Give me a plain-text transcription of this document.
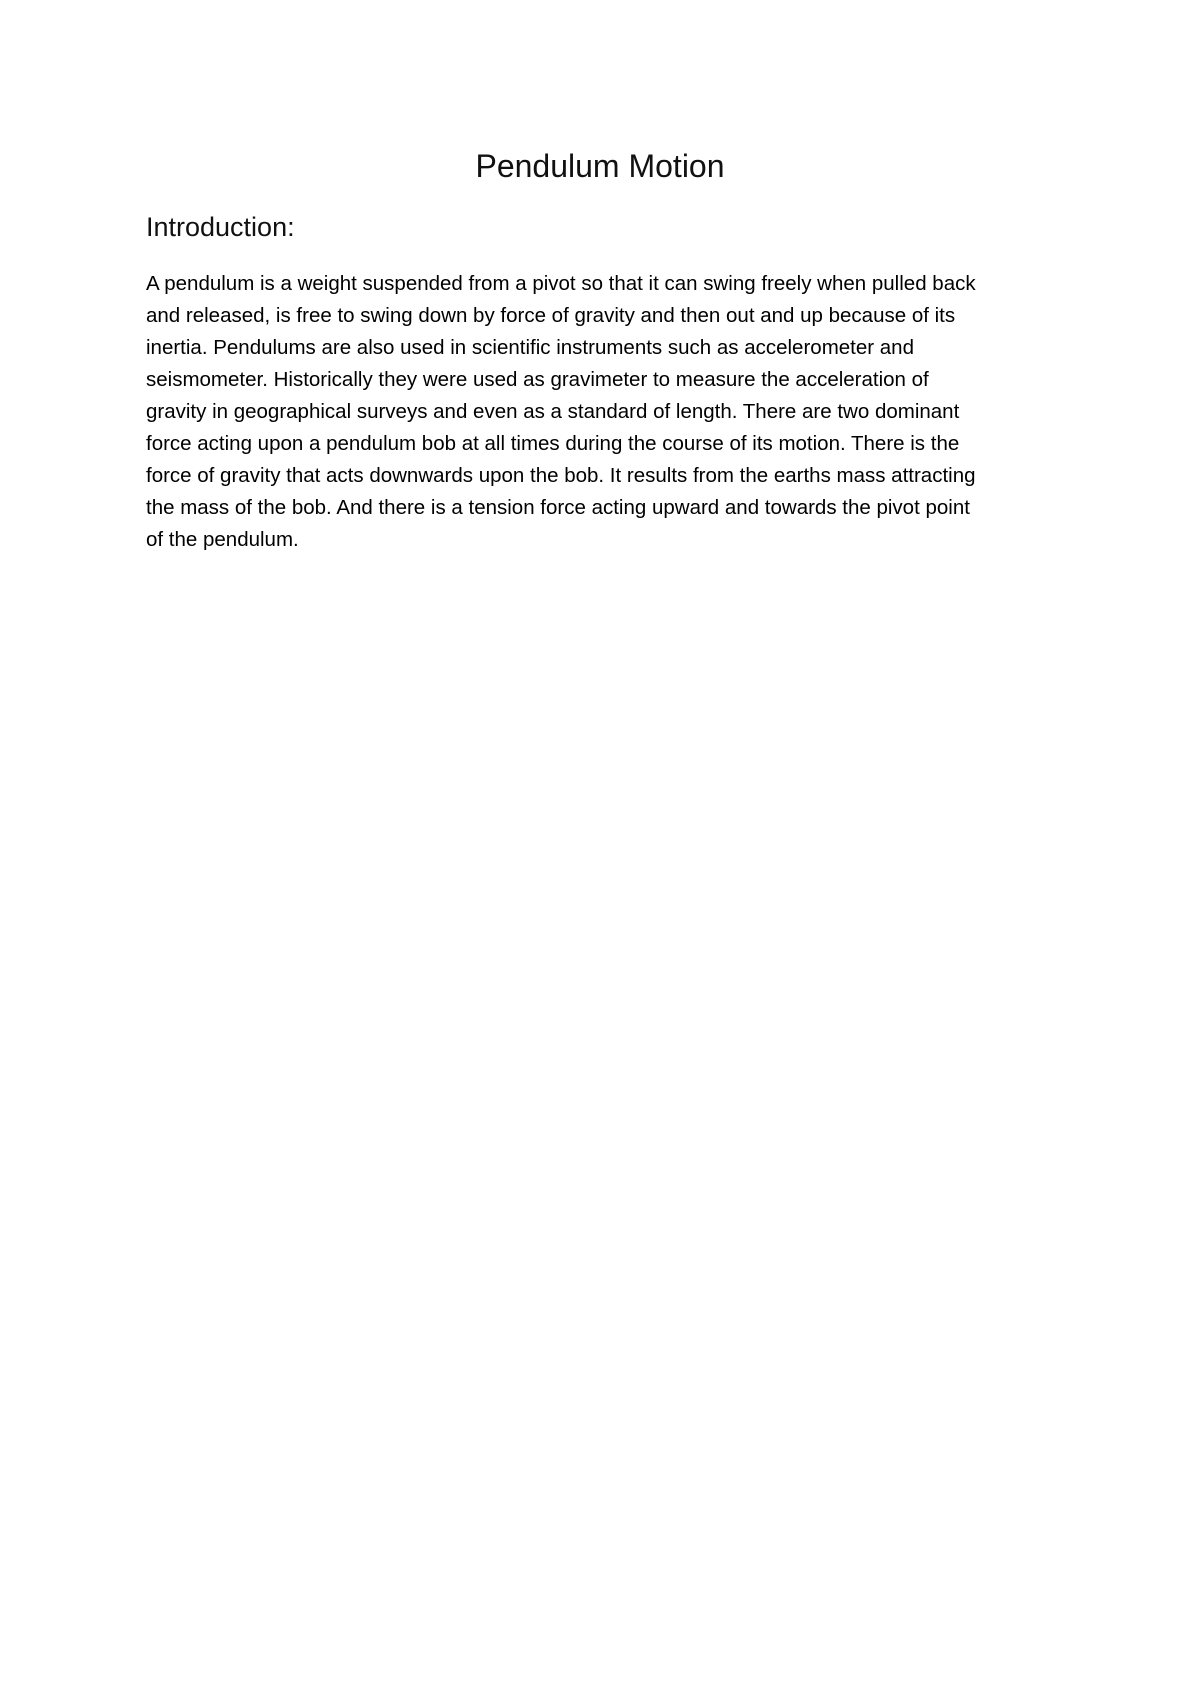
Pendulum Motion
Introduction:

A pendulum is a weight suspended from a pivot so that it can swing freely when pulled back
and released, is free to swing down by force of gravity and then out and up because of its
inertia. Pendulums are also used in scientific instruments such as accelerometer and
seismometer. Historically they were used as gravimeter to measure the acceleration of
gravity in geographical surveys and even as a standard of length. There are two dominant
force acting upon a pendulum bob at all times during the course of its motion. There is the
force of gravity that acts downwards upon the bob. It results from the earths mass attracting
the mass of the bob. And there is a tension force acting upward and towards the pivot point
of the pendulum.
